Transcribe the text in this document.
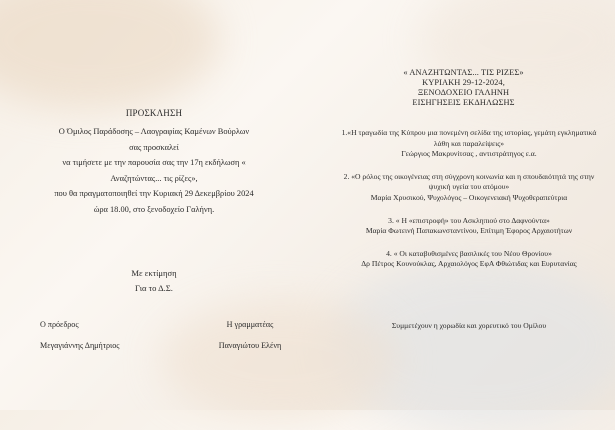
ΠΡΟΣΚΛΗΣΗ
Ο Όμιλος Παράδοσης – Λαογραφίας Καμένων Βούρλων
σας προσκαλεί
να τιμήσετε με την παρουσία σας την 17η εκδήλωση «
Αναζητώντας... τις ρίζες»,
που θα πραγματοποιηθεί την Κυριακή 29 Δεκεμβρίου 2024
ώρα 18.00, στο ξενοδοχείο Γαλήνη.
Με εκτίμηση
Για το Δ.Σ.
Ο πρόεδρος
Μεγαγιάννης Δημήτριος
Η γραμματέας
Παναγιώτου Ελένη
« ΑΝΑΖΗΤΩΝΤΑΣ... ΤΙΣ ΡΙΖΕΣ»
ΚΥΡΙΑΚΗ 29-12-2024,
ΞΕΝΟΔΟΧΕΙΟ ΓΑΛΗΝΗ
ΕΙΣΗΓΗΣΕΙΣ ΕΚΔΗΛΩΣΗΣ
1.«Η τραγωδία της Κύπρου μια πονεμένη σελίδα της ιστορίας, γεμάτη εγκληματικά λάθη και παραλείψεις»
Γεώργιος Μακρυνίτσας , αντιστράτηγος ε.α.
2. «Ο ρόλος της οικογένειας στη σύγχρονη κοινωνία και η σπουδαιότητά της στην ψυχική υγεία του ατόμου»
Μαρία Χρυσικού, Ψυχολόγος – Οικογενειακή Ψυχοθεραπεύτρια
3. « Η «επιστροφή» του Ασκληπιού στο Δαφνούντα»
Μαρία Φωτεινή Παπακωνσταντίνου, Επίτιμη Έφορος Αρχαιοτήτων
4. « Οι καταβυθισμένες βασιλικές του Νέου Θρονίου»
Δρ Πέτρος Κουνούκλας, Αρχαιολόγος ΕφΑ Φθιώτιδας και Ευρυτανίας
Συμμετέχουν η χορωδία και χορευτικό του Ομίλου
